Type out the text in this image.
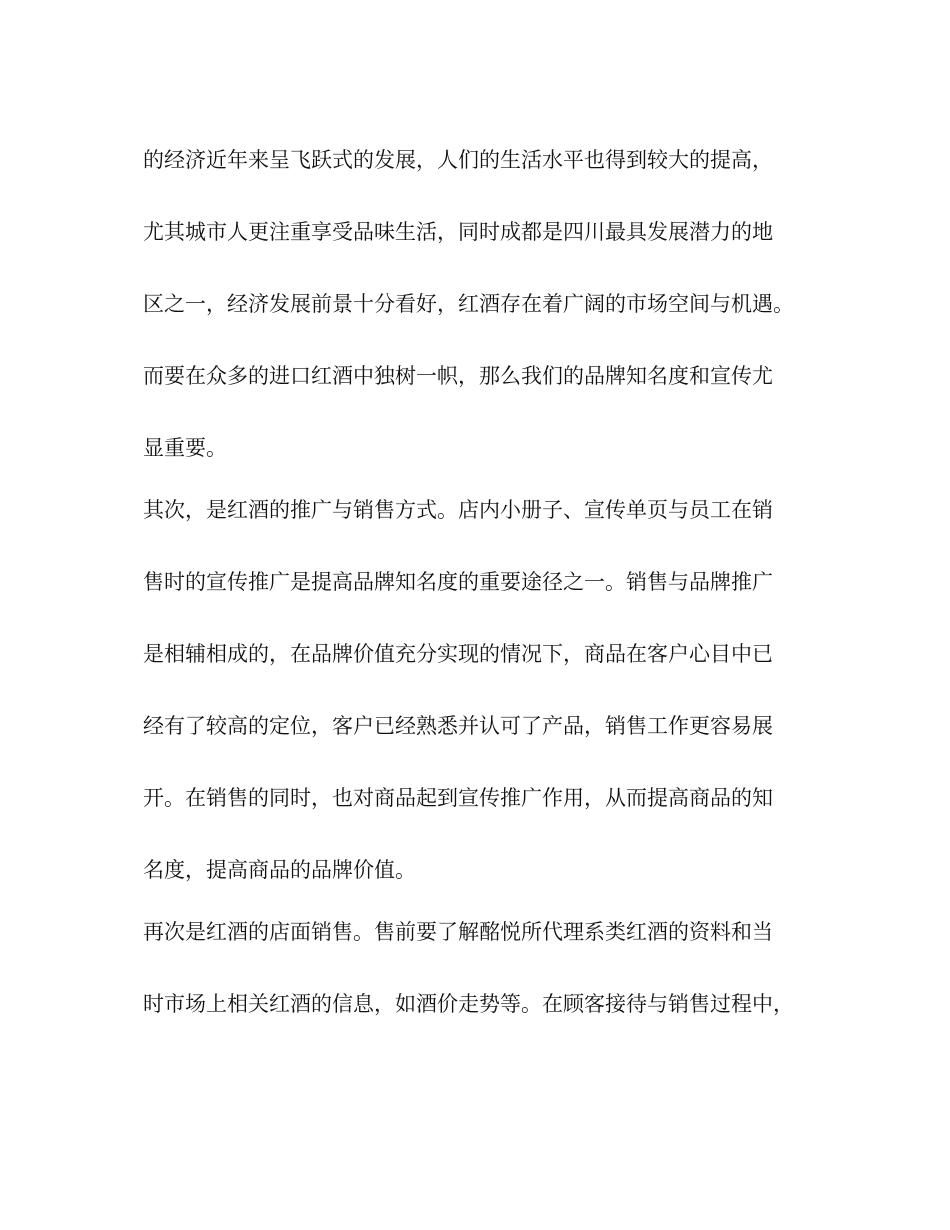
的经济近年来呈飞跃式的发展，人们的生活水平也得到较大的提高，
尤其城市人更注重享受品味生活，同时成都是四川最具发展潜力的地
区之一，经济发展前景十分看好，红酒存在着广阔的市场空间与机遇。
而要在众多的进口红酒中独树一帜，那么我们的品牌知名度和宣传尤
显重要。
其次，是红酒的推广与销售方式。店内小册子、宣传单页与员工在销
售时的宣传推广是提高品牌知名度的重要途径之一。销售与品牌推广
是相辅相成的，在品牌价值充分实现的情况下，商品在客户心目中已
经有了较高的定位，客户已经熟悉并认可了产品，销售工作更容易展
开。在销售的同时，也对商品起到宣传推广作用，从而提高商品的知
名度，提高商品的品牌价值。
再次是红酒的店面销售。售前要了解酩悦所代理系类红酒的资料和当
时市场上相关红酒的信息，如酒价走势等。在顾客接待与销售过程中，
